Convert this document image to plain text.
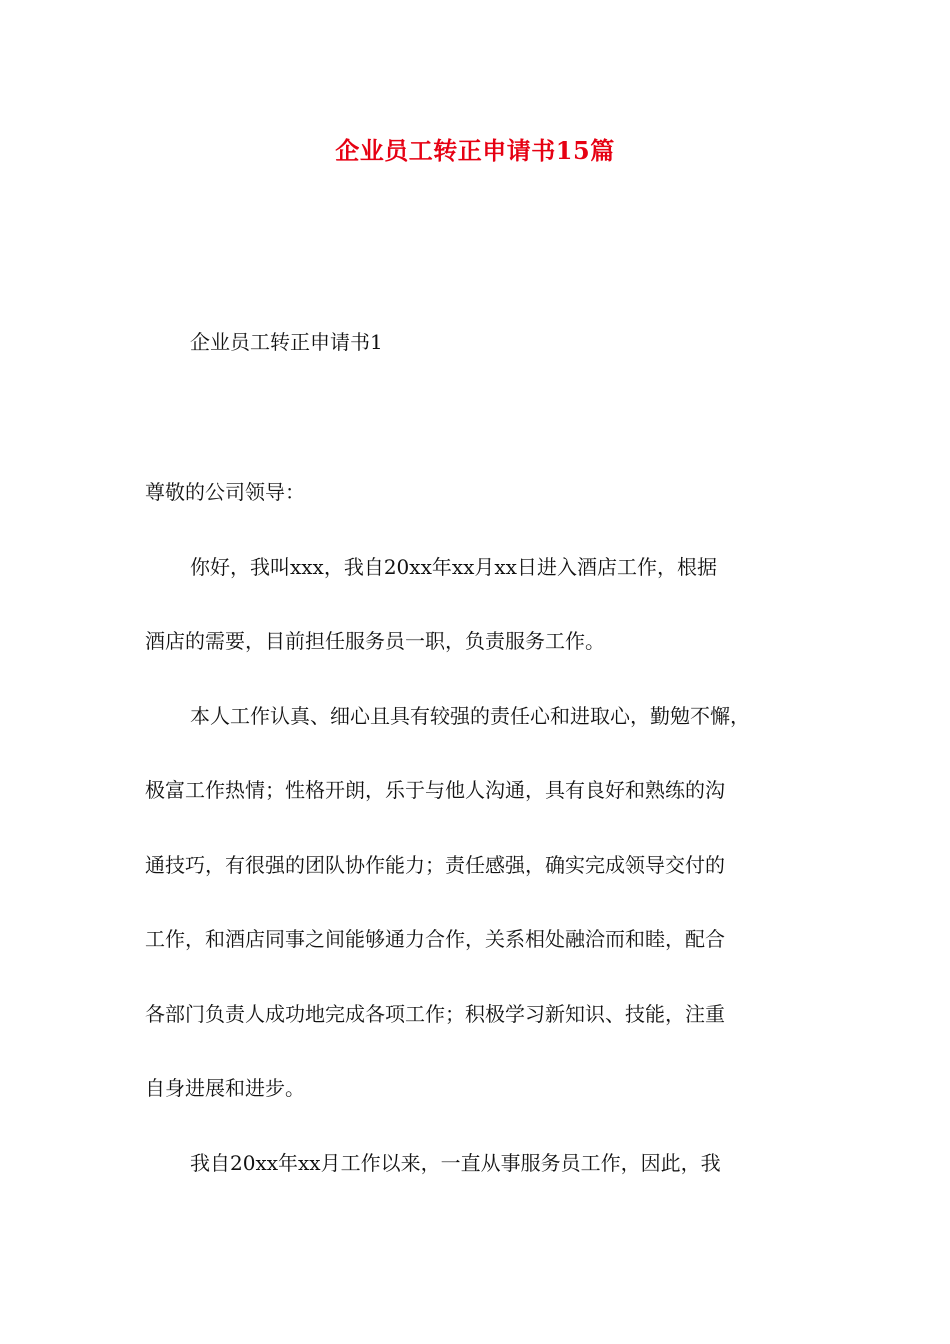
企业员工转正申请书15篇
企业员工转正申请书1
尊敬的公司领导：
你好，我叫xxx，我自20xx年xx月xx日进入酒店工作，根据
酒店的需要，目前担任服务员一职，负责服务工作。
本人工作认真、细心且具有较强的责任心和进取心，勤勉不懈，
极富工作热情；性格开朗，乐于与他人沟通，具有良好和熟练的沟
通技巧，有很强的团队协作能力；责任感强，确实完成领导交付的
工作，和酒店同事之间能够通力合作，关系相处融洽而和睦，配合
各部门负责人成功地完成各项工作；积极学习新知识、技能，注重
自身进展和进步。
我自20xx年xx月工作以来，一直从事服务员工作，因此，我
